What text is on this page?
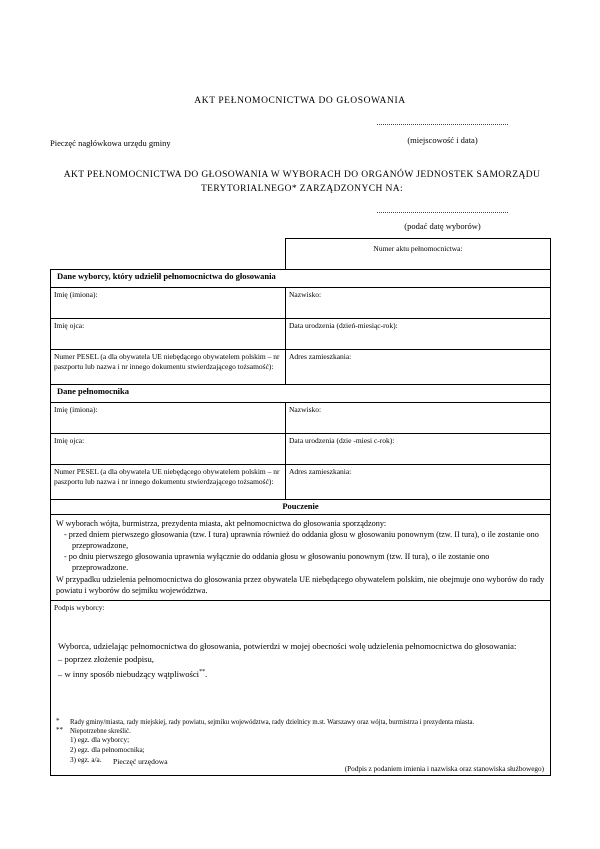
AKT PEŁNOMOCNICTWA DO GŁOSOWANIA
..................................................................
(miejscowość i data)
Pieczęć nagłówkowa urzędu gminy
AKT PEŁNOMOCNICTWA DO GŁOSOWANIA W WYBORACH DO ORGANÓW JEDNOSTEK SAMORZĄDU TERYTORIALNEGO* ZARZĄDZONYCH NA:
..................................................................
(podać datę wyborów)

	Numer aktu pełnomocnictwa:

Dane wyborcy, który udzielił pełnomocnictwa do głosowania	
Imię (imiona):	Nazwisko:
Imię ojca:	Data urodzenia (dzień-miesiąc-rok):
Numer PESEL (a dla obywatela UE niebędącego obywatelem polskim – nr paszportu lub nazwa i nr innego dokumentu stwierdzającego tożsamość):	Adres zamieszkania:
Dane pełnomocnika	
Imię (imiona):	Nazwisko:
Imię ojca:	Data urodzenia (dzie -miesi c-rok):
Numer PESEL (a dla obywatela UE niebędącego obywatelem polskim – nr paszportu lub nazwa i nr innego dokumentu stwierdzającego tożsamość):	Adres zamieszkania:
Pouczenie	

W wyborach wójta, burmistrza, prezydenta miasta, akt pełnomocnictwa do głosowania sporządzony:

- przed dniem pierwszego głosowania (tzw. I tura) uprawnia również do oddania głosu w głosowaniu ponownym (tzw. II tura), o ile zostanie ono przeprowadzone,

- po dniu pierwszego głosowania uprawnia wyłącznie do oddania głosu w głosowaniu ponownym (tzw. II tura), o ile zostanie ono przeprowadzone.

W przypadku udzielenia pełnomocnictwa do głosowania przez obywatela UE niebędącego obywatelem polskim, nie obejmuje ono wyborów do rady powiatu i wyborów do sejmiku województwa.	

Podpis wyborcy:
Wyborca, udzielając pełnomocnictwa do głosowania, potwierdzi w mojej obecności wolę udzielenia pełnomocnictwa do głosowania:
– poprzez złożenie podpisu,
– w inny sposób niebudzący wątpliwości**.
Pieczęć urzędowa
(Podpis z podaniem imienia i nazwiska oraz stanowiska służbowego)
* Rady gminy/miasta, rady miejskiej, rady powiatu, sejmiku województwa, rady dzielnicy m.st. Warszawy oraz wójta, burmistrza i prezydenta miasta.
** Niepotrzebne skreślić.
1) egz. dla wyborcy;
2) egz. dla pełnomocnika;
3) egz. a/a.
